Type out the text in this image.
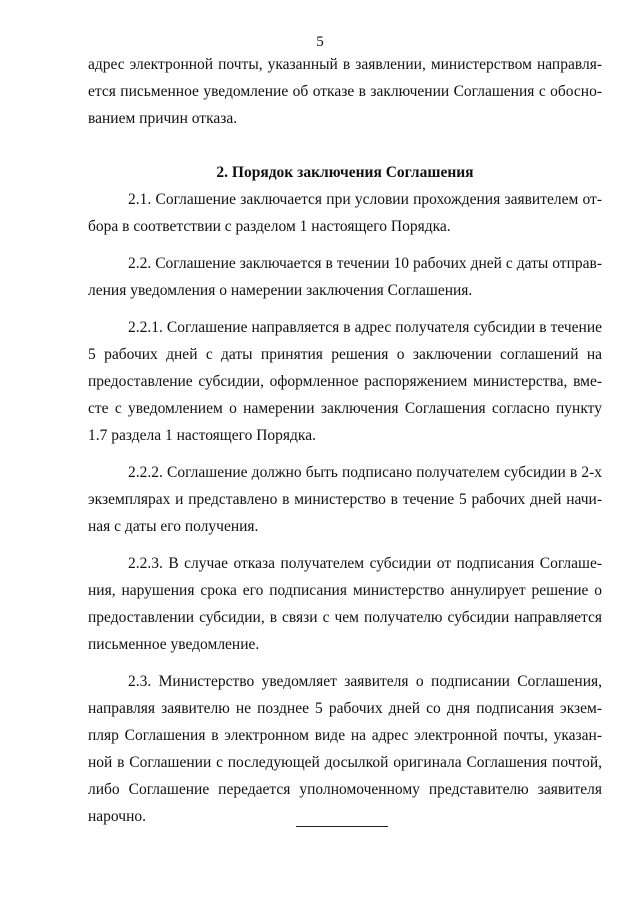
5

адрес электронной почты, указанный в заявлении, министерством направля-ется письменное уведомление об отказе в заключении Соглашения с обосно-ванием причин отказа.

2. Порядок заключения Соглашения

2.1. Соглашение заключается при условии прохождения заявителем от-бора в соответствии с разделом 1 настоящего Порядка.

2.2. Соглашение заключается в течении 10 рабочих дней с даты отправ-ления уведомления о намерении заключения Соглашения.

2.2.1. Соглашение направляется в адрес получателя субсидии в течение 5 рабочих дней с даты принятия решения о заключении соглашений на предоставление субсидии, оформленное распоряжением министерства, вме-сте с уведомлением о намерении заключения Соглашения согласно пункту 1.7 раздела 1 настоящего Порядка.

2.2.2. Соглашение должно быть подписано получателем субсидии в 2-х экземплярах и представлено в министерство в течение 5 рабочих дней начи-ная с даты его получения.

2.2.3. В случае отказа получателем субсидии от подписания Соглаше-ния, нарушения срока его подписания министерство аннулирует решение о предоставлении субсидии, в связи с чем получателю субсидии направляется письменное уведомление.

2.3. Министерство уведомляет заявителя о подписании Соглашения, направляя заявителю не позднее 5 рабочих дней со дня подписания экзем-пляр Соглашения в электронном виде на адрес электронной почты, указан-ной в Соглашении с последующей досылкой оригинала Соглашения почтой, либо Соглашение передается уполномоченному представителю заявителя нарочно.
